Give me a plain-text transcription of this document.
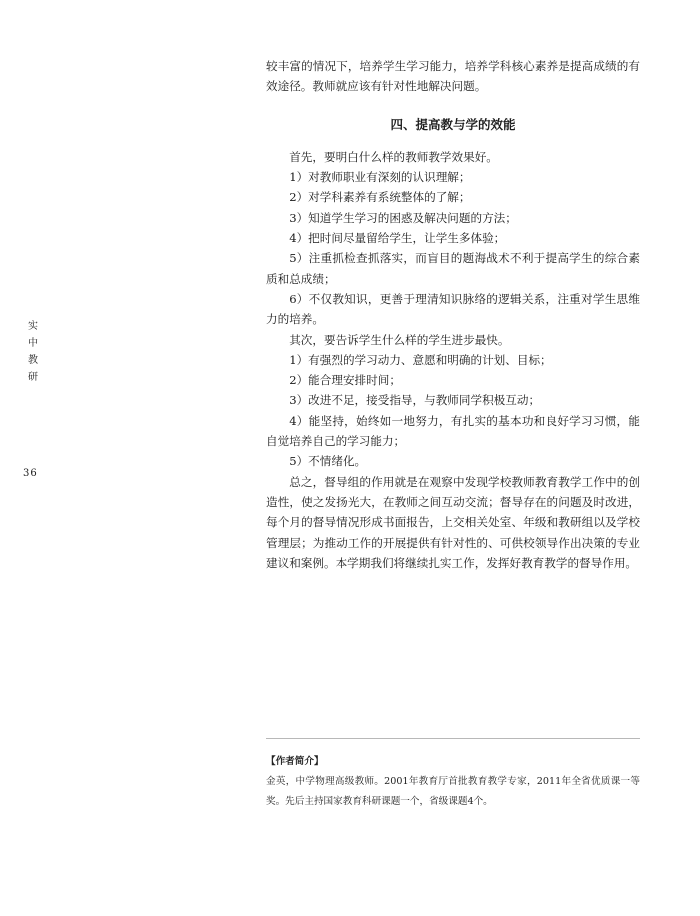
实
中
教
研
36

较丰富的情况下，培养学生学习能力，培养学科核心素养是提高成绩的有效途径。教师就应该有针对性地解决问题。

四、提高教与学的效能

首先，要明白什么样的教师教学效果好。

1）对教师职业有深刻的认识理解；

2）对学科素养有系统整体的了解；

3）知道学生学习的困惑及解决问题的方法；

4）把时间尽量留给学生，让学生多体验；

5）注重抓检查抓落实，而盲目的题海战术不利于提高学生的综合素质和总成绩；

6）不仅教知识，更善于理清知识脉络的逻辑关系，注重对学生思维力的培养。

其次，要告诉学生什么样的学生进步最快。

1）有强烈的学习动力、意愿和明确的计划、目标；

2）能合理安排时间；

3）改进不足，接受指导，与教师同学积极互动；

4）能坚持，始终如一地努力，有扎实的基本功和良好学习习惯，能自觉培养自己的学习能力；

5）不情绪化。

总之，督导组的作用就是在观察中发现学校教师教育教学工作中的创造性，使之发扬光大，在教师之间互动交流；督导存在的问题及时改进，每个月的督导情况形成书面报告，上交相关处室、年级和教研组以及学校管理层；为推动工作的开展提供有针对性的、可供校领导作出决策的专业建议和案例。本学期我们将继续扎实工作，发挥好教育教学的督导作用。

【作者简介】
金英，中学物理高级教师。2001年教育厅首批教育教学专家，2011年全省优质课一等奖。先后主持国家教育科研课题一个，省级课题4个。
